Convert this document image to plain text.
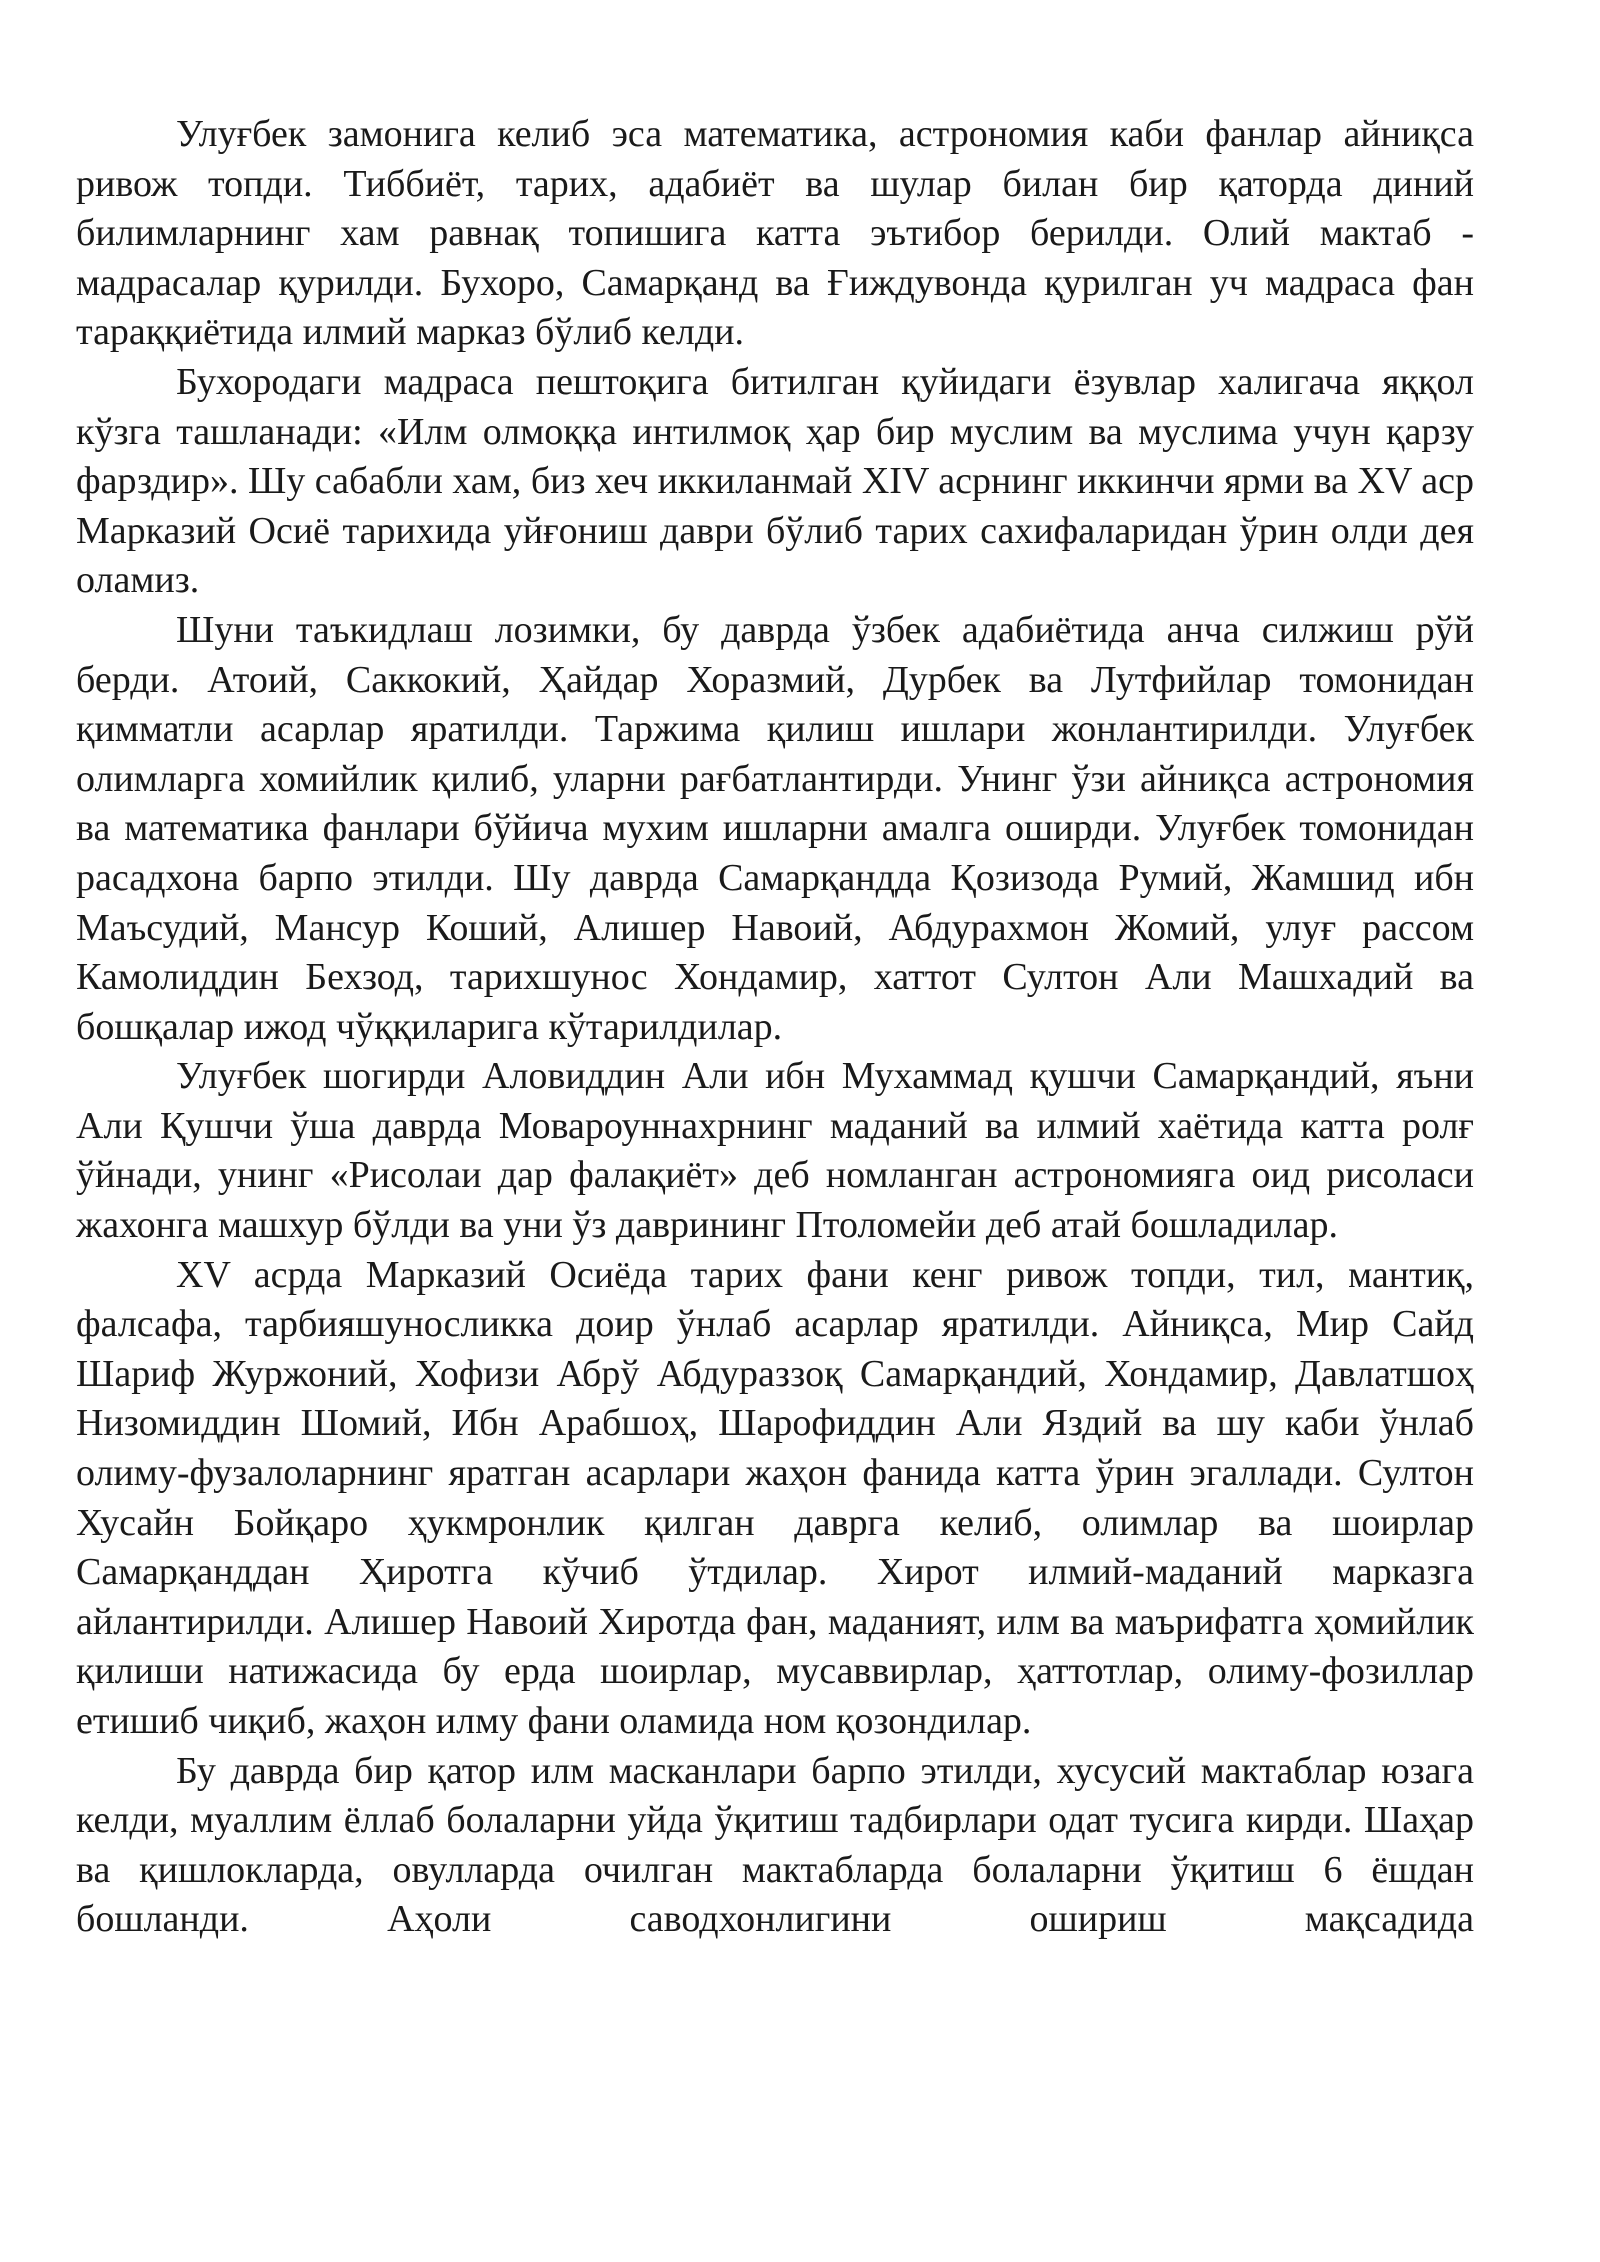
Улуғбек замонига келиб эса математика, астрономия каби фанлар айниқса ривож топди. Тиббиёт, тарих, адабиёт ва шулар билан бир қаторда диний билимларнинг хам равнақ топишига катта эътибор берилди. Олий мактаб - мадрасалар қурилди. Бухоро, Самарқанд ва Ғиждувонда қурилган уч мадраса фан тараққиётида илмий марказ бўлиб келди.

Бухородаги мадраса пештоқига битилган қуйидаги ёзувлар халигача яққол кўзга ташланади: «Илм олмоққа интилмоқ ҳар бир муслим ва муслима учун қарзу фарздир». Шу сабабли хам, биз хеч иккиланмай XIV асрнинг иккинчи ярми ва XV аср Марказий Осиё тарихида уйғониш даври бўлиб тарих сахифаларидан ўрин олди дея оламиз.

Шуни таъкидлаш лозимки, бу даврда ўзбек адабиётида анча силжиш рўй берди. Атоий, Саккокий, Ҳайдар Хоразмий, Дурбек ва Лутфийлар томонидан қимматли асарлар яратилди. Таржима қилиш ишлари жонлантирилди. Улуғбек олимларга хомийлик қилиб, уларни рағбатлантирди. Унинг ўзи айниқса астрономия ва математика фанлари бўйича мухим ишларни амалга оширди. Улуғбек томонидан расадхона барпо этилди. Шу даврда Самарқандда Қозизода Румий, Жамшид ибн Маъсудий, Мансур Коший, Алишер Навоий, Абдурахмон Жомий, улуғ рассом Камолиддин Бехзод, тарихшунос Хондамир, хаттот Султон Али Машхадий ва бошқалар ижод чўққиларига кўтарилдилар.

Улуғбек шогирди Аловиддин Али ибн Мухаммад қушчи Самарқандий, яъни Али Қушчи ўша даврда Мовароуннахрнинг маданий ва илмий хаётида катта ролғ ўйнади, унинг «Рисолаи дар фалақиёт» деб номланган астрономияга оид рисоласи жахонга машхур бўлди ва уни ўз даврининг Птоломейи деб атай бошладилар.

XV асрда Марказий Осиёда тарих фани кенг ривож топди, тил, мантиқ, фалсафа, тарбияшуносликка доир ўнлаб асарлар яратилди. Айниқса, Мир Сайд Шариф Журжоний, Хофизи Абрў Абдураззоқ Самарқандий, Хондамир, Давлатшоҳ Низомиддин Шомий, Ибн Арабшоҳ, Шарофиддин Али Яздий ва шу каби ўнлаб олиму-фузалоларнинг яратган асарлари жаҳон фанида катта ўрин эгаллади. Султон Хусайн Бойқаро ҳукмронлик қилган даврга келиб, олимлар ва шоирлар Самарқанддан Ҳиротга кўчиб ўтдилар. Хирот илмий-маданий марказга айлантирилди. Алишер Навоий Хиротда фан, маданият, илм ва маърифатга ҳомийлик қилиши натижасида бу ерда шоирлар, мусаввирлар, ҳаттотлар, олиму-фозиллар етишиб чиқиб, жаҳон илму фани оламида ном қозондилар.

Бу даврда бир қатор илм масканлари барпо этилди, хусусий мактаблар юзага келди, муаллим ёллаб болаларни уйда ўқитиш тадбирлари одат тусига кирди. Шаҳар ва қишлокларда, овулларда очилган мактабларда болаларни ўқитиш 6 ёшдан бошланди. Аҳоли саводхонлигини ошириш мақсадида
